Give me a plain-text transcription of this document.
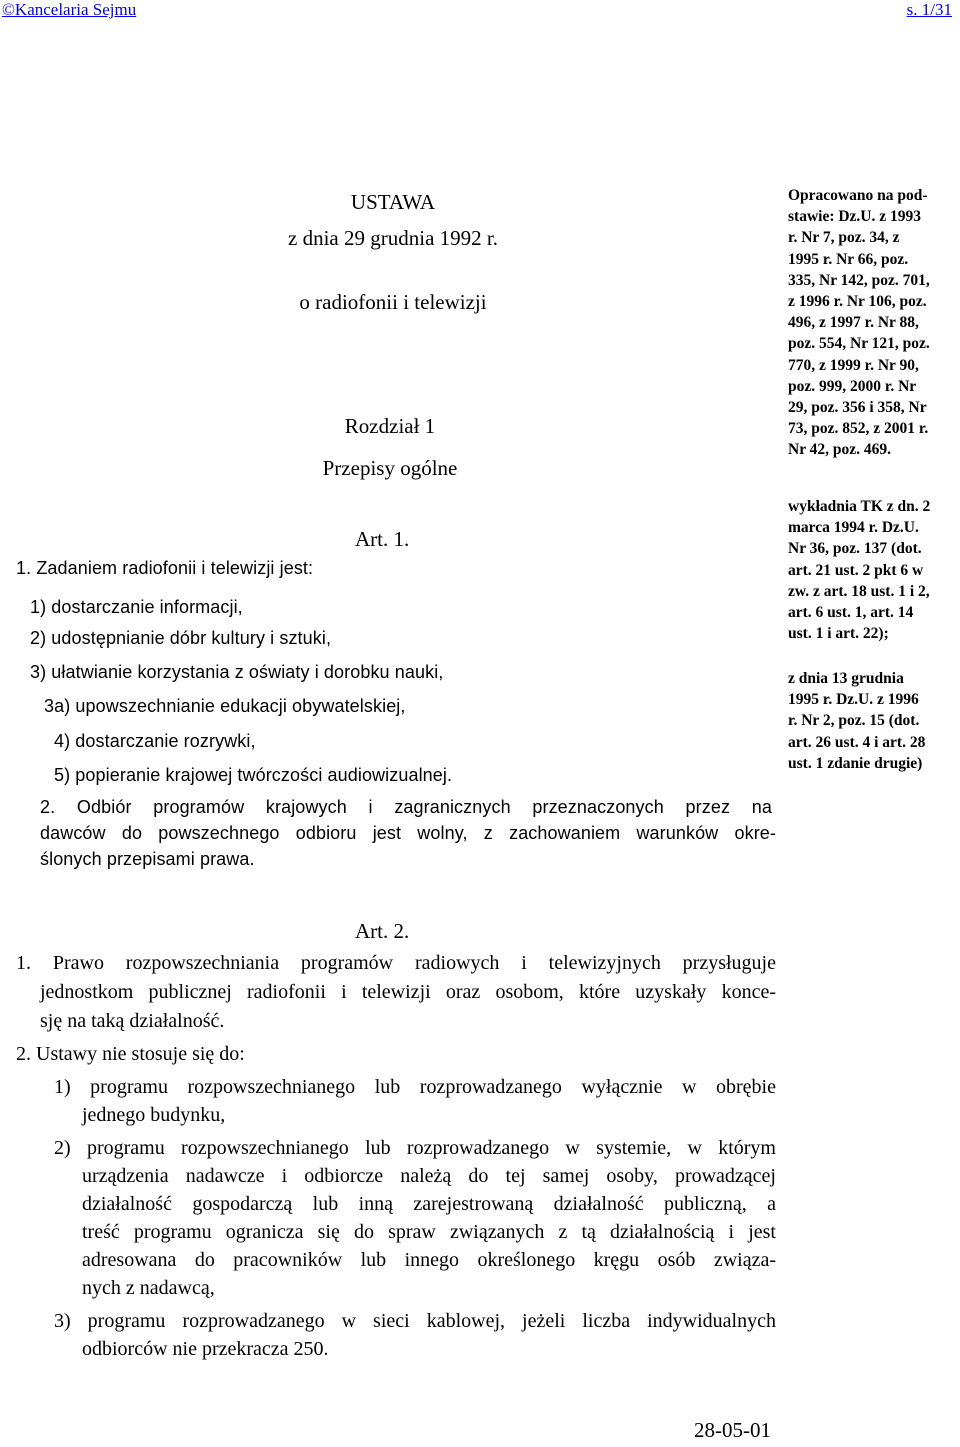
©Kancelaria Sejmu	s. 1/31
USTAWA
z dnia 29 grudnia 1992 r.
o radiofonii i telewizji
Rozdział 1
Przepisy ogólne
Art. 1.
1. Zadaniem radiofonii i telewizji jest:
1) dostarczanie informacji,
2) udostępnianie dóbr kultury i sztuki,
3) ułatwianie korzystania z oświaty i dorobku nauki,
3a) upowszechnianie edukacji obywatelskiej,
4) dostarczanie rozrywki,
5) popieranie krajowej twórczości audiowizualnej.
2. Odbiór programów krajowych i zagranicznych przeznaczonych przez na
dawców do powszechnego odbioru jest wolny, z zachowaniem warunków okre-
ślonych przepisami prawa.
Art. 2.
1. Prawo rozpowszechniania programów radiowych i telewizyjnych przysługuje
jednostkom publicznej radiofonii i telewizji oraz osobom, które uzyskały konce-
sję na taką działalność.
2. Ustawy nie stosuje się do:
1) programu rozpowszechnianego lub rozprowadzanego wyłącznie w obrębie
jednego budynku,
2) programu rozpowszechnianego lub rozprowadzanego w systemie, w którym
urządzenia nadawcze i odbiorcze należą do tej samej osoby, prowadzącej
działalność gospodarczą lub inną zarejestrowaną działalność publiczną, a
treść programu ogranicza się do spraw związanych z tą działalnością i jest
adresowana do pracowników lub innego określonego kręgu osób związa-
nych z nadawcą,
3) programu rozprowadzanego w sieci kablowej, jeżeli liczba indywidualnych
odbiorców nie przekracza 250.

Opracowano na pod-

stawie: Dz.U. z 1993

r. Nr 7, poz. 34, z

1995 r. Nr 66, poz.

335, Nr 142, poz. 701,

z 1996 r. Nr 106, poz.

496, z 1997 r. Nr 88,

poz. 554, Nr 121, poz.

770, z 1999 r. Nr 90,

poz. 999, 2000 r. Nr

29, poz. 356 i 358, Nr

73, poz. 852, z 2001 r.

Nr 42, poz. 469.

wykładnia TK z dn. 2

marca 1994 r. Dz.U.

Nr 36, poz. 137 (dot.

art. 21 ust. 2 pkt 6 w

zw. z art. 18 ust. 1 i 2,

art. 6 ust. 1, art. 14

ust. 1 i art. 22);

z dnia 13 grudnia

1995 r. Dz.U. z 1996

r. Nr 2, poz. 15 (dot.

art. 26 ust. 4 i art. 28

ust. 1 zdanie drugie)

28-05-01
